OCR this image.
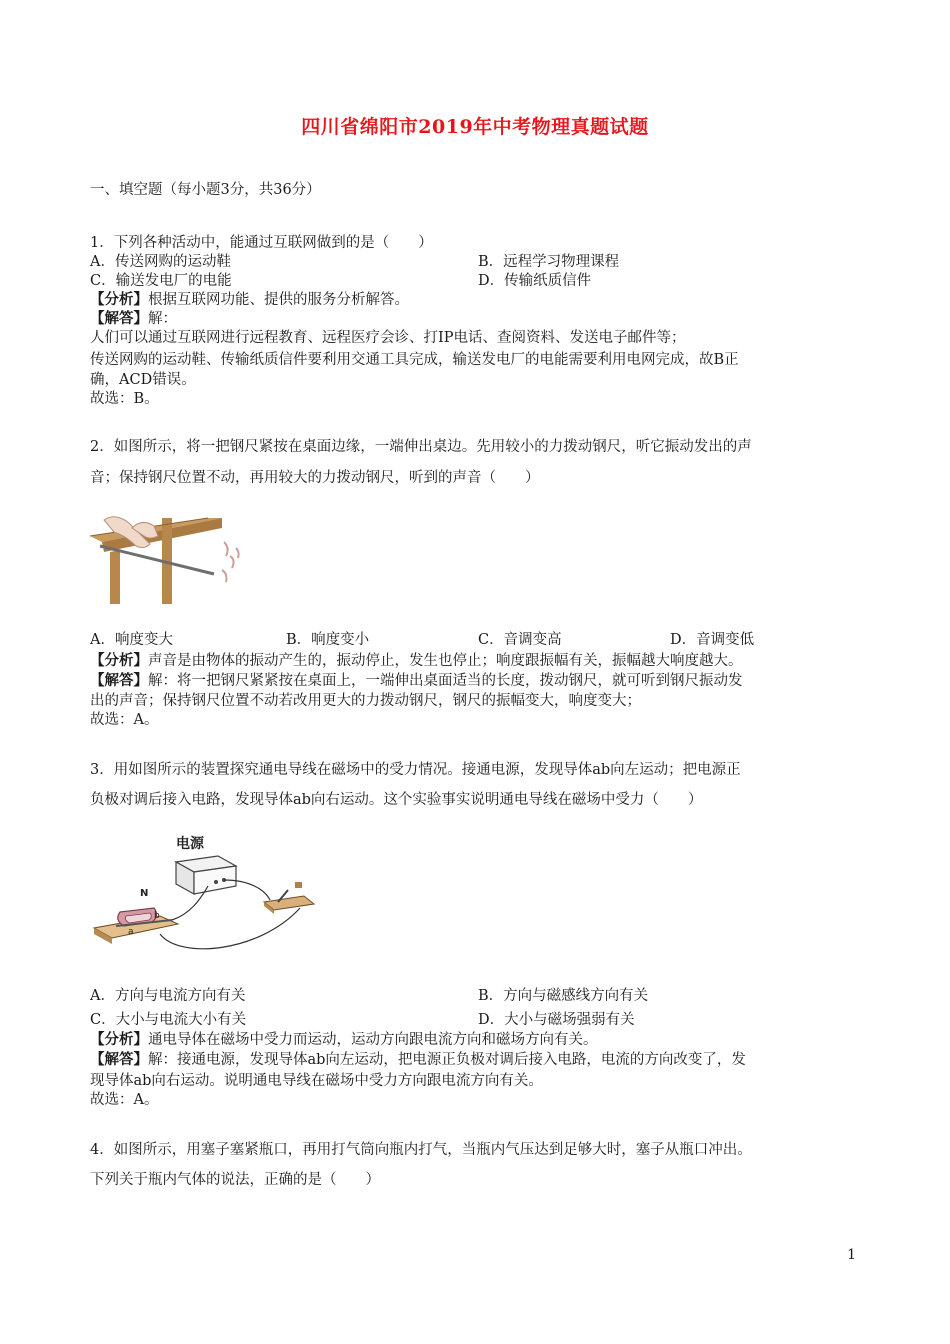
四川省绵阳市2019年中考物理真题试题
一、填空题（每小题3分，共36分）
1．下列各种活动中，能通过互联网做到的是（　　）
A．传送网购的运动鞋	B．远程学习物理课程
C．输送发电厂的电能	D．传输纸质信件
【分析】根据互联网功能、提供的服务分析解答。
【解答】解：
人们可以通过互联网进行远程教育、远程医疗会诊、打IP电话、查阅资料、发送电子邮件等；
传送网购的运动鞋、传输纸质信件要利用交通工具完成，输送发电厂的电能需要利用电网完成，故B正
确，ACD错误。
故选：B。
2．如图所示，将一把钢尺紧按在桌面边缘，一端伸出桌边。先用较小的力拨动钢尺，听它振动发出的声
音；保持钢尺位置不动，再用较大的力拨动钢尺，听到的声音（　　）
A．响度变大	B．响度变小	C．音调变高	D．音调变低
【分析】声音是由物体的振动产生的，振动停止，发生也停止；响度跟振幅有关，振幅越大响度越大。
【解答】解：将一把钢尺紧紧按在桌面上，一端伸出桌面适当的长度，拨动钢尺，就可听到钢尺振动发
出的声音；保持钢尺位置不动若改用更大的力拨动钢尺，钢尺的振幅变大，响度变大；
故选：A。
3．用如图所示的装置探究通电导线在磁场中的受力情况。接通电源，发现导体ab向左运动；把电源正
负极对调后接入电路，发现导体ab向右运动。这个实验事实说明通电导线在磁场中受力（　　）
电源
N
b
a
A．方向与电流方向有关	B．方向与磁感线方向有关
C．大小与电流大小有关	D．大小与磁场强弱有关
【分析】通电导体在磁场中受力而运动，运动方向跟电流方向和磁场方向有关。
【解答】解：接通电源，发现导体ab向左运动，把电源正负极对调后接入电路，电流的方向改变了，发
现导体ab向右运动。说明通电导线在磁场中受力方向跟电流方向有关。
故选：A。
4．如图所示，用塞子塞紧瓶口，再用打气筒向瓶内打气，当瓶内气压达到足够大时，塞子从瓶口冲出。
下列关于瓶内气体的说法，正确的是（　　）
1
